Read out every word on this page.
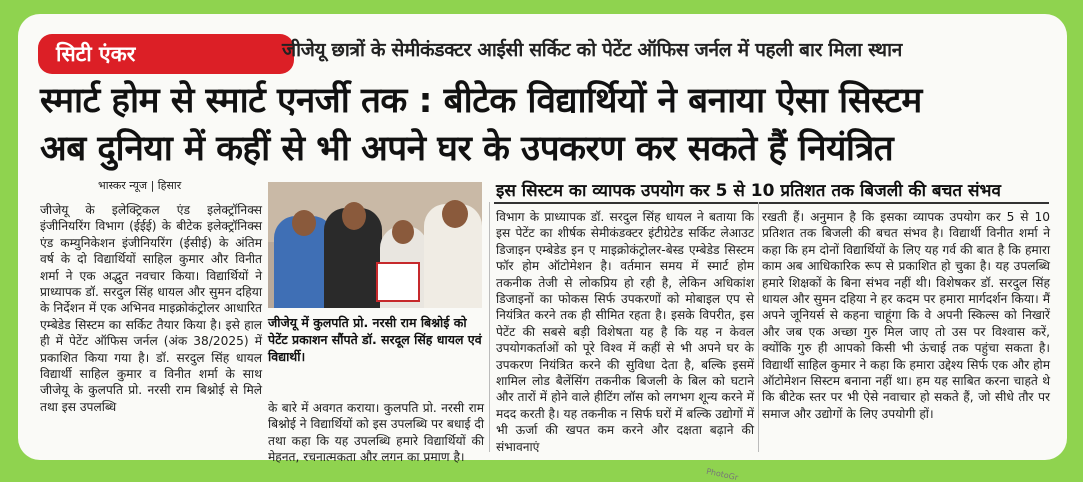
सिटी एंकर	जीजेयू छात्रों के सेमीकंडक्टर आईसी सर्किट को पेटेंट ऑफिस जर्नल में पहली बार मिला स्थान
स्मार्ट होम से स्मार्ट एनर्जी तक : बीटेक विद्यार्थियों ने बनाया ऐसा सिस्टम
अब दुनिया में कहीं से भी अपने घर के उपकरण कर सकते हैं नियंत्रित
भास्कर न्यूज | हिसार	इस सिस्टम का व्यापक उपयोग कर 5 से 10 प्रतिशत तक बिजली की बचत संभव
जीजेयू के इलेक्ट्रिकल एंड इलेक्ट्रॉनिक्स इंजीनियरिंग विभाग (ईईई) के बीटेक इलेक्ट्रॉनिक्स एंड कम्युनिकेशन इंजीनियरिंग (ईसीई) के अंतिम वर्ष के दो विद्यार्थियों साहिल कुमार और विनीत शर्मा ने एक अद्भुत नवचार किया। विद्यार्थियों ने प्राध्यापक डॉ. सरदुल सिंह धायल और सुमन दहिया के निर्देशन में एक अभिनव माइक्रोकंट्रोलर आधारित एम्बेडेड सिस्टम का सर्किट तैयार किया है। इसे हाल ही में पेटेंट ऑफिस जर्नल (अंक 38/2025) में प्रकाशित किया गया है। डॉ. सरदुल सिंह धायल विद्यार्थी साहिल कुमार व विनीत शर्मा के साथ जीजेयू के कुलपति प्रो. नरसी राम बिश्नोई से मिले तथा इस उपलब्धि
जीजेयू में कुलपति प्रो. नरसी राम बिश्नोई को पेटेंट प्रकाशन सौंपते डॉ. सरदूल सिंह धायल एवं विद्यार्थी।
के बारे में अवगत कराया। कुलपति प्रो. नरसी राम बिश्नोई ने विद्यार्थियों को इस उपलब्धि पर बधाई दी तथा कहा कि यह उपलब्धि हमारे विद्यार्थियों की मेहनत, रचनात्मकता और लगन का प्रमाण है।
विभाग के प्राध्यापक डॉ. सरदुल सिंह धायल ने बताया कि इस पेटेंट का शीर्षक सेमीकंडक्टर इंटीग्रेटेड सर्किट लेआउट डिजाइन एम्बेडेड इन ए माइक्रोकंट्रोलर-बेस्ड एम्बेडेड सिस्टम फॉर होम ऑटोमेशन है। वर्तमान समय में स्मार्ट होम तकनीक तेजी से लोकप्रिय हो रही है, लेकिन अधिकांश डिजाइनों का फोकस सिर्फ उपकरणों को मोबाइल एप से नियंत्रित करने तक ही सीमित रहता है। इसके विपरीत, इस पेटेंट की सबसे बड़ी विशेषता यह है कि यह न केवल उपयोगकर्ताओं को पूरे विश्व में कहीं से भी अपने घर के उपकरण नियंत्रित करने की सुविधा देता है, बल्कि इसमें शामिल लोड बैलेंसिंग तकनीक बिजली के बिल को घटाने और तारों में होने वाले हीटिंग लॉस को लगभग शून्य करने में मदद करती है। यह तकनीक न सिर्फ घरों में बल्कि उद्योगों में भी ऊर्जा की खपत कम करने और दक्षता बढ़ाने की संभावनाएं
रखती हैं। अनुमान है कि इसका व्यापक उपयोग कर 5 से 10 प्रतिशत तक बिजली की बचत संभव है। विद्यार्थी विनीत शर्मा ने कहा कि हम दोनों विद्यार्थियों के लिए यह गर्व की बात है कि हमारा काम अब आधिकारिक रूप से प्रकाशित हो चुका है। यह उपलब्धि हमारे शिक्षकों के बिना संभव नहीं थी। विशेषकर डॉ. सरदुल सिंह धायल और सुमन दहिया ने हर कदम पर हमारा मार्गदर्शन किया। मैं अपने जूनियर्स से कहना चाहूंगा कि वे अपनी स्किल्स को निखारें और जब एक अच्छा गुरु मिल जाए तो उस पर विश्वास करें, क्योंकि गुरु ही आपको किसी भी ऊंचाई तक पहुंचा सकता है। विद्यार्थी साहिल कुमार ने कहा कि हमारा उद्देश्य सिर्फ एक और होम ऑटोमेशन सिस्टम बनाना नहीं था। हम यह साबित करना चाहते थे कि बीटेक स्तर पर भी ऐसे नवाचार हो सकते हैं, जो सीधे तौर पर समाज और उद्योगों के लिए उपयोगी हों।
PhotoGr
